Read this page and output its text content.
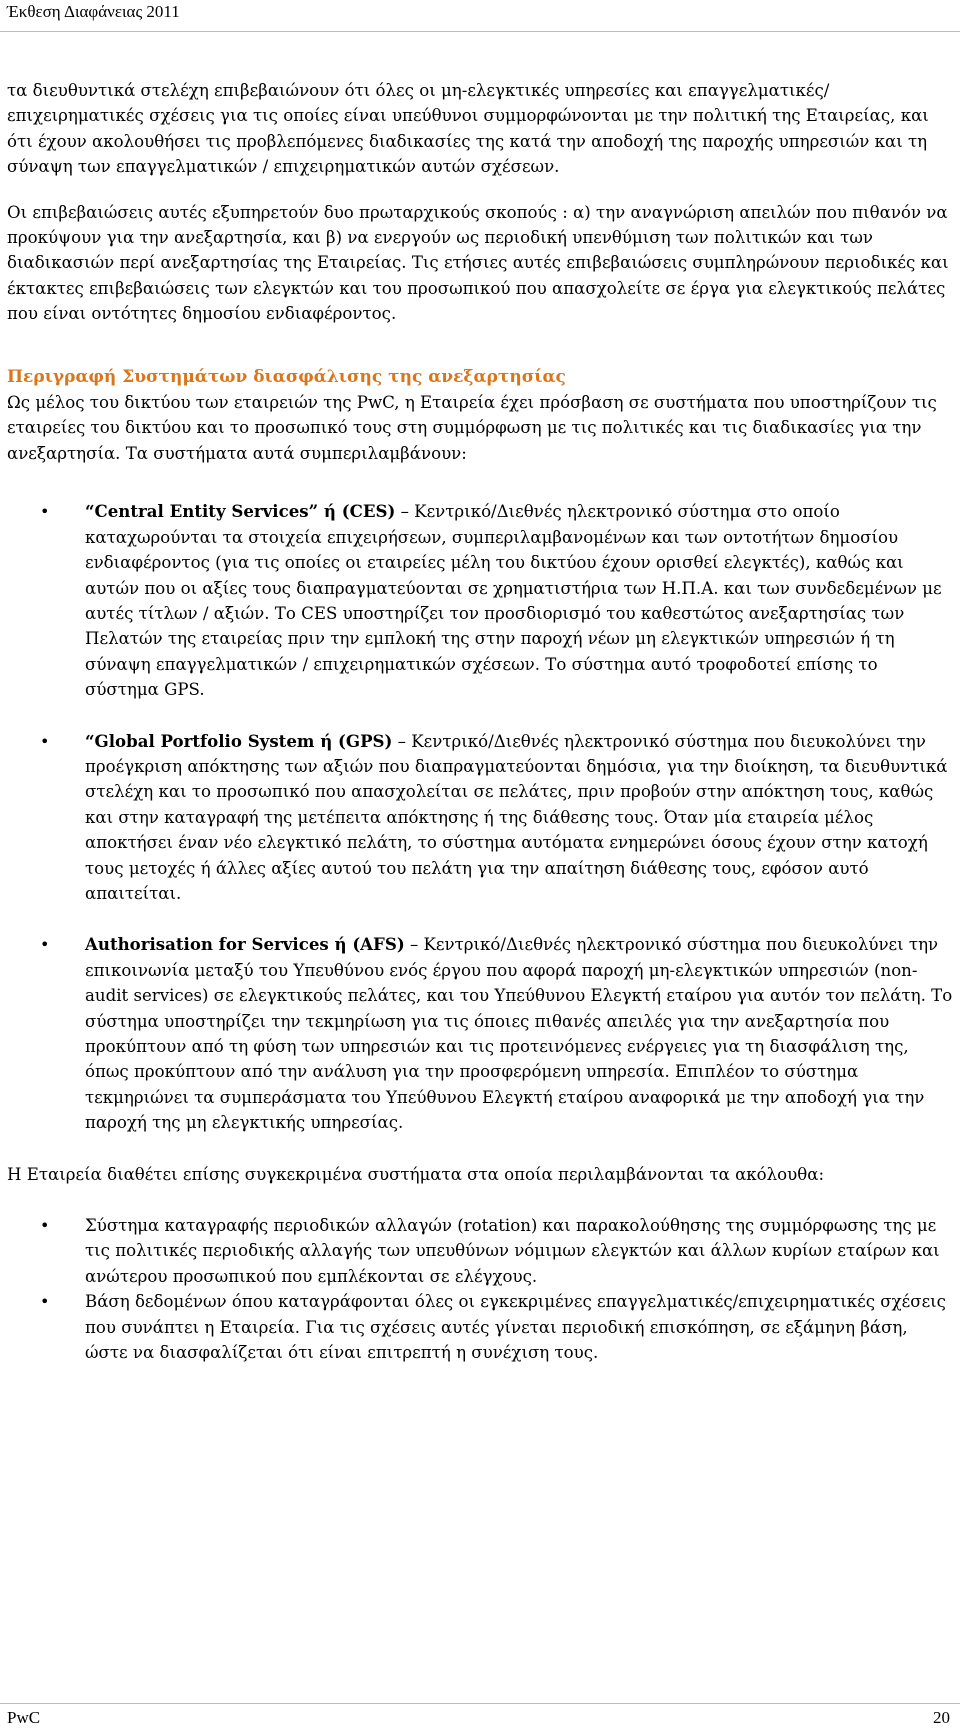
Έκθεση Διαφάνειας 2011

τα διευθυντικά στελέχη επιβεβαιώνουν ότι όλες οι μη-ελεγκτικές υπηρεσίες και επαγγελματικές/επιχειρηματικές σχέσεις για τις οποίες είναι υπεύθυνοι συμμορφώνονται με την πολιτική της Εταιρείας, και ότι έχουν ακολουθήσει τις προβλεπόμενες διαδικασίες της κατά την αποδοχή της παροχής υπηρεσιών και τη σύναψη των επαγγελματικών / επιχειρηματικών αυτών σχέσεων.

Οι επιβεβαιώσεις αυτές εξυπηρετούν δυο πρωταρχικούς σκοπούς : α) την αναγνώριση απειλών που πιθανόν να προκύψουν για την ανεξαρτησία, και β) να ενεργούν ως περιοδική υπενθύμιση των πολιτικών και των διαδικασιών περί ανεξαρτησίας της Εταιρείας. Τις ετήσιες αυτές επιβεβαιώσεις συμπληρώνουν περιοδικές και έκτακτες επιβεβαιώσεις των ελεγκτών και του προσωπικού που απασχολείτε σε έργα για ελεγκτικούς πελάτες που είναι οντότητες δημοσίου ενδιαφέροντος.

Περιγραφή Συστημάτων διασφάλισης της ανεξαρτησίας

Ως μέλος του δικτύου των εταιρειών της PwC, η Εταιρεία έχει πρόσβαση σε συστήματα που υποστηρίζουν τις εταιρείες του δικτύου και το προσωπικό τους στη συμμόρφωση με τις πολιτικές και τις διαδικασίες για την ανεξαρτησία. Τα συστήματα αυτά συμπεριλαμβάνουν:

• “Central Entity Services” ή (CES) – Κεντρικό/Διεθνές ηλεκτρονικό σύστημα στο οποίο καταχωρούνται τα στοιχεία επιχειρήσεων, συμπεριλαμβανομένων και των οντοτήτων δημοσίου ενδιαφέροντος (για τις οποίες οι εταιρείες μέλη του δικτύου έχουν ορισθεί ελεγκτές), καθώς και αυτών που οι αξίες τους διαπραγματεύονται σε χρηματιστήρια των Η.Π.Α. και των συνδεδεμένων με αυτές τίτλων / αξιών. Το CES υποστηρίζει τον προσδιορισμό του καθεστώτος ανεξαρτησίας των Πελατών της εταιρείας πριν την εμπλοκή της στην παροχή νέων μη ελεγκτικών υπηρεσιών ή τη σύναψη επαγγελματικών / επιχειρηματικών σχέσεων. Το σύστημα αυτό τροφοδοτεί επίσης το σύστημα GPS.
• “Global Portfolio System ή (GPS) – Κεντρικό/Διεθνές ηλεκτρονικό σύστημα που διευκολύνει την προέγκριση απόκτησης των αξιών που διαπραγματεύονται δημόσια, για την διοίκηση, τα διευθυντικά στελέχη και το προσωπικό που απασχολείται σε πελάτες, πριν προβούν στην απόκτηση τους, καθώς και στην καταγραφή της μετέπειτα απόκτησης ή της διάθεσης τους. Όταν μία εταιρεία μέλος αποκτήσει έναν νέο ελεγκτικό πελάτη, το σύστημα αυτόματα ενημερώνει όσους έχουν στην κατοχή τους μετοχές ή άλλες αξίες αυτού του πελάτη για την απαίτηση διάθεσης τους, εφόσον αυτό απαιτείται.
• Authorisation for Services ή (AFS) – Κεντρικό/Διεθνές ηλεκτρονικό σύστημα που διευκολύνει την επικοινωνία μεταξύ του Υπευθύνου ενός έργου που αφορά παροχή μη-ελεγκτικών υπηρεσιών (non-audit services) σε ελεγκτικούς πελάτες, και του Υπεύθυνου Ελεγκτή εταίρου για αυτόν τον πελάτη. Το σύστημα υποστηρίζει την τεκμηρίωση για τις όποιες πιθανές απειλές για την ανεξαρτησία που προκύπτουν από τη φύση των υπηρεσιών και τις προτεινόμενες ενέργειες για τη διασφάλιση της, όπως προκύπτουν από την ανάλυση για την προσφερόμενη υπηρεσία. Επιπλέον το σύστημα τεκμηριώνει τα συμπεράσματα του Υπεύθυνου Ελεγκτή εταίρου αναφορικά με την αποδοχή για την παροχή της μη ελεγκτικής υπηρεσίας.

Η Εταιρεία διαθέτει επίσης συγκεκριμένα συστήματα στα οποία περιλαμβάνονται τα ακόλουθα:

• Σύστημα καταγραφής περιοδικών αλλαγών (rotation) και παρακολούθησης της συμμόρφωσης της με τις πολιτικές περιοδικής αλλαγής των υπευθύνων νόμιμων ελεγκτών και άλλων κυρίων εταίρων και ανώτερου προσωπικού που εμπλέκονται σε ελέγχους.
• Βάση δεδομένων όπου καταγράφονται όλες οι εγκεκριμένες επαγγελματικές/επιχειρηματικές σχέσεις που συνάπτει η Εταιρεία. Για τις σχέσεις αυτές γίνεται περιοδική επισκόπηση, σε εξάμηνη βάση, ώστε να διασφαλίζεται ότι είναι επιτρεπτή η συνέχιση τους.
PwC	20
